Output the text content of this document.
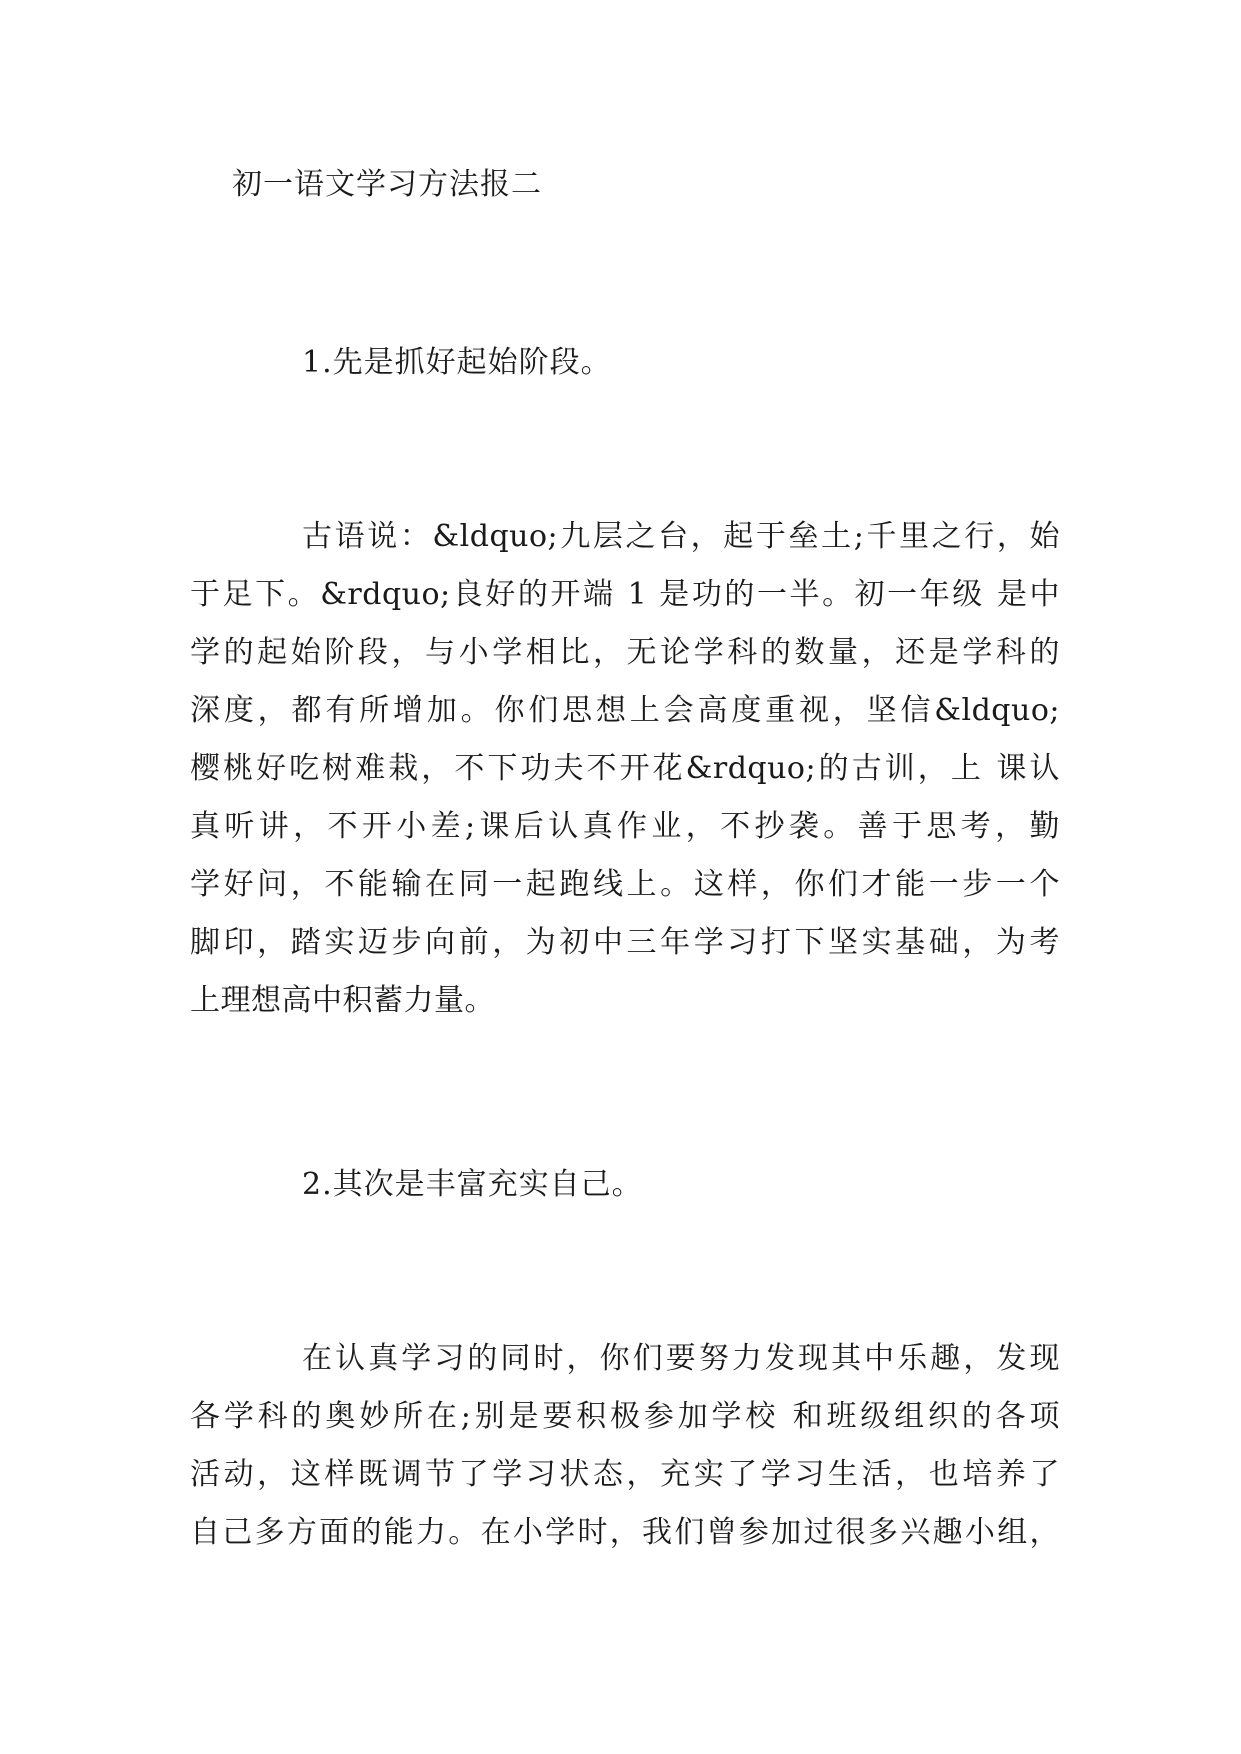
初一语文学习方法报二
1.先是抓好起始阶段。
古语说：&ldquo;九层之台，起于垒土;千里之行，始
于足下。&rdquo;良好的开端 1 是功的一半。初一年级 是中
学的起始阶段，与小学相比，无论学科的数量，还是学科的
深度，都有所增加。你们思想上会高度重视，坚信&ldquo;
樱桃好吃树难栽，不下功夫不开花&rdquo;的古训，上 课认
真听讲，不开小差;课后认真作业，不抄袭。善于思考，勤
学好问，不能输在同一起跑线上。这样，你们才能一步一个
脚印，踏实迈步向前，为初中三年学习打下坚实基础，为考
上理想高中积蓄力量。
2.其次是丰富充实自己。
在认真学习的同时，你们要努力发现其中乐趣，发现
各学科的奥妙所在;别是要积极参加学校 和班级组织的各项
活动，这样既调节了学习状态，充实了学习生活，也培养了
自己多方面的能力。在小学时，我们曾参加过很多兴趣小组，
